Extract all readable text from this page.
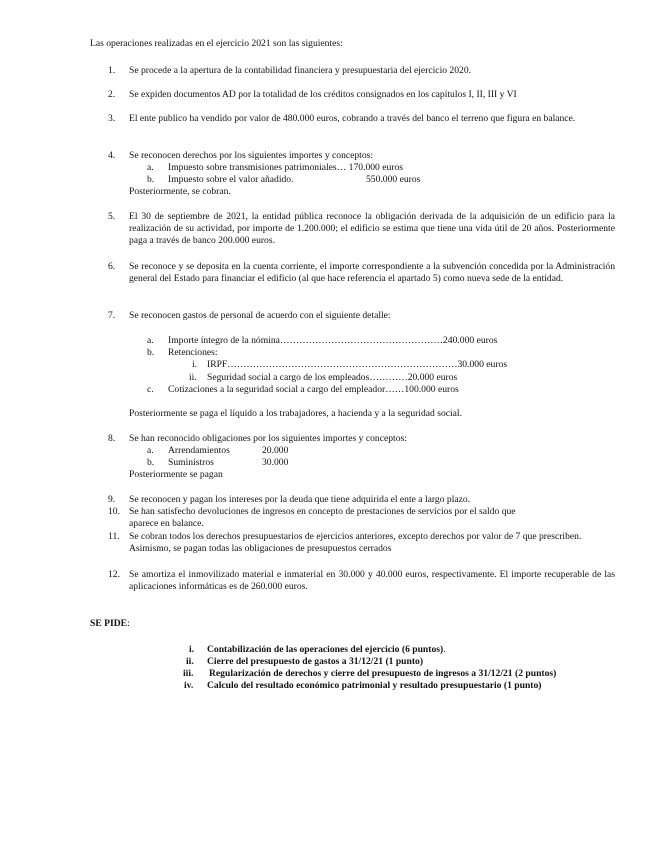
Las operaciones realizadas en el ejercicio 2021 son las siguientes:
1. Se procede a la apertura de la contabilidad financiera y presupuestaria del ejercicio 2020.
2. Se expiden documentos AD por la totalidad de los créditos consignados en los capítulos I, II, III y VI
3. El ente publico ha vendido por valor de 480.000 euros, cobrando a través del banco el terreno que figura en balance.
4. Se reconocen derechos por los siguientes importes y conceptos:
a. Impuesto sobre transmisiones patrimoniales… 170.000 euros
b. Impuesto sobre el valor añadido.	550.000 euros
Posteriormente, se cobran.
5. El 30 de septiembre de 2021, la entidad pública reconoce la obligación derivada de la adquisición de un edificio para la realización de su actividad, por importe de 1.200.000; el edificio se estima que tiene una vida útil de 20 años. Posteriormente paga a través de banco 200.000 euros.
6. Se reconoce y se deposita en la cuenta corriente, el importe correspondiente a la subvención concedida por la Administración general del Estado para financiar el edificio (al que hace referencia el apartado 5) como nueva sede de la entidad.
7. Se reconocen gastos de personal de acuerdo con el siguiente detalle:
a. Importe íntegro de la nómina……………………………………………240.000 euros
b. Retenciones:
i. IRPF………………………………………………………………30.000 euros
ii. Seguridad social a cargo de los empleados…………20.000 euros
c. Cotizaciones a la seguridad social a cargo del empleador……100.000 euros
Posteriormente se paga el líquido a los trabajadores, a hacienda y a la seguridad social.
8. Se han reconocido obligaciones por los siguientes importes y conceptos:
a. Arrendamientos	20.000
b. Suministros	30.000
Posteriormente se pagan
9. Se reconocen y pagan los intereses por la deuda que tiene adquirida el ente a largo plazo.
10. Se han satisfecho devoluciones de ingresos en concepto de prestaciones de servicios por el saldo que aparece en balance.
11. Se cobran todos los derechos presupuestarios de ejercicios anteriores, excepto derechos por valor de 7 que prescriben. Asimismo, se pagan todas las obligaciones de presupuestos cerrados
12. Se amortiza el inmovilizado material e inmaterial en 30.000 y 40.000 euros, respectivamente. El importe recuperable de las aplicaciones informáticas es de 260.000 euros.
SE PIDE:
i. Contabilización de las operaciones del ejercicio (6 puntos).
ii. Cierre del presupuesto de gastos a 31/12/21 (1 punto)
iii. Regularización de derechos y cierre del presupuesto de ingresos a 31/12/21 (2 puntos)
iv. Calculo del resultado económico patrimonial y resultado presupuestario (1 punto)
